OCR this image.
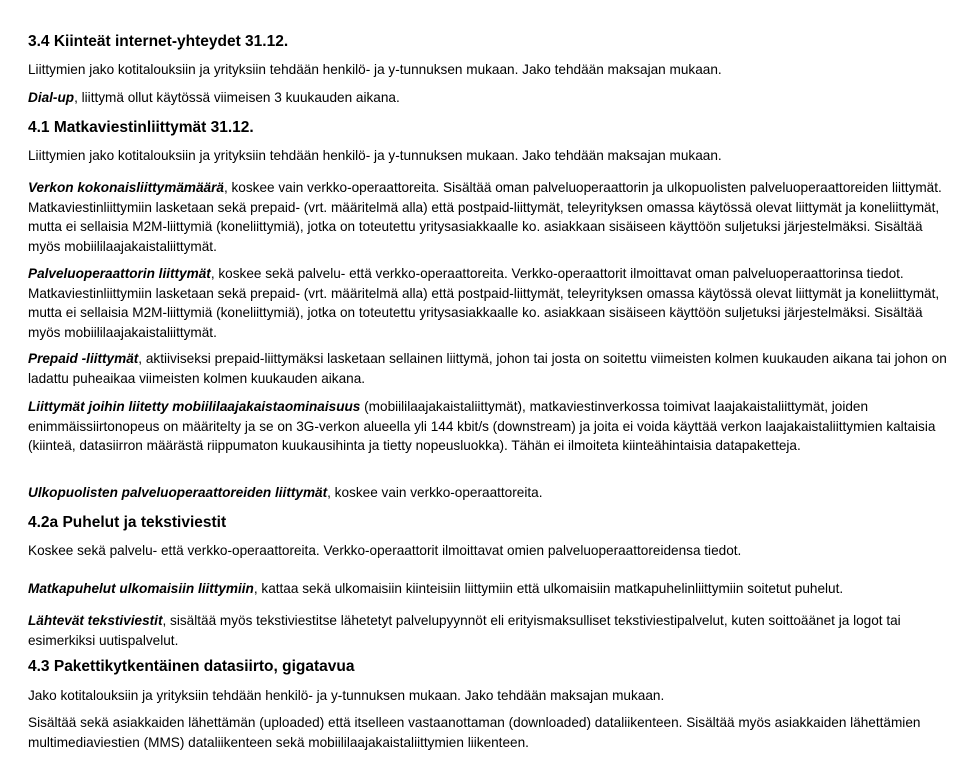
3.4 Kiinteät internet-yhteydet 31.12.

Liittymien jako kotitalouksiin ja yrityksiin tehdään henkilö- ja y-tunnuksen mukaan. Jako tehdään maksajan mukaan.

Dial-up, liittymä ollut käytössä viimeisen 3 kuukauden aikana.

4.1 Matkaviestinliittymät 31.12.

Liittymien jako kotitalouksiin ja yrityksiin tehdään henkilö- ja y-tunnuksen mukaan. Jako tehdään maksajan mukaan.

Verkon kokonaisliittymämäärä, koskee vain verkko-operaattoreita. Sisältää oman palveluoperaattorin ja ulkopuolisten palveluoperaattoreiden liittymät. Matkaviestinliittymiin lasketaan sekä prepaid- (vrt. määritelmä alla) että postpaid-liittymät, teleyrityksen omassa käytössä olevat liittymät ja koneliittymät, mutta ei sellaisia M2M-liittymiä (koneliittymiä), jotka on toteutettu yritysasiakkaalle ko. asiakkaan sisäiseen käyttöön suljetuksi järjestelmäksi. Sisältää myös mobiililaajakaistaliittymät.

Palveluoperaattorin liittymät, koskee sekä palvelu- että verkko-operaattoreita. Verkko-operaattorit ilmoittavat oman palveluoperaattorinsa tiedot. Matkaviestinliittymiin lasketaan sekä prepaid- (vrt. määritelmä alla) että postpaid-liittymät, teleyrityksen omassa käytössä olevat liittymät ja koneliittymät, mutta ei sellaisia M2M-liittymiä (koneliittymiä), jotka on toteutettu yritysasiakkaalle ko. asiakkaan sisäiseen käyttöön suljetuksi järjestelmäksi. Sisältää myös mobiililaajakaistaliittymät.

Prepaid -liittymät, aktiiviseksi prepaid-liittymäksi lasketaan sellainen liittymä, johon tai josta on soitettu viimeisten kolmen kuukauden aikana tai johon on ladattu puheaikaa viimeisten kolmen kuukauden aikana.

Liittymät joihin liitetty mobiililaajakaistaominaisuus (mobiililaajakaistaliittymät), matkaviestinverkossa toimivat laajakaistaliittymät, joiden enimmäissiirtonopeus on määritelty ja se on 3G-verkon alueella yli 144 kbit/s (downstream) ja joita ei voida käyttää verkon laajakaistaliittymien kaltaisia (kiinteä, datasiirron määrästä riippumaton kuukausihinta ja tietty nopeusluokka). Tähän ei ilmoiteta kiinteähintaisia datapaketteja.

Ulkopuolisten palveluoperaattoreiden liittymät, koskee vain verkko-operaattoreita.

4.2a Puhelut ja tekstiviestit

Koskee sekä palvelu- että verkko-operaattoreita. Verkko-operaattorit ilmoittavat omien palveluoperaattoreidensa tiedot.

Matkapuhelut ulkomaisiin liittymiin, kattaa sekä ulkomaisiin kiinteisiin liittymiin että ulkomaisiin matkapuhelinliittymiin soitetut puhelut.

Lähtevät tekstiviestit, sisältää myös tekstiviestitse lähetetyt palvelupyynnöt eli erityismaksulliset tekstiviestipalvelut, kuten soittoäänet ja logot tai esimerkiksi uutispalvelut.

4.3 Pakettikytkentäinen datasiirto, gigatavua

Jako kotitalouksiin ja yrityksiin tehdään henkilö- ja y-tunnuksen mukaan. Jako tehdään maksajan mukaan.

Sisältää sekä asiakkaiden lähettämän (uploaded) että itselleen vastaanottaman (downloaded) dataliikenteen. Sisältää myös asiakkaiden lähettämien multimediaviestien (MMS) dataliikenteen sekä mobiililaajakaistaliittymien liikenteen.
